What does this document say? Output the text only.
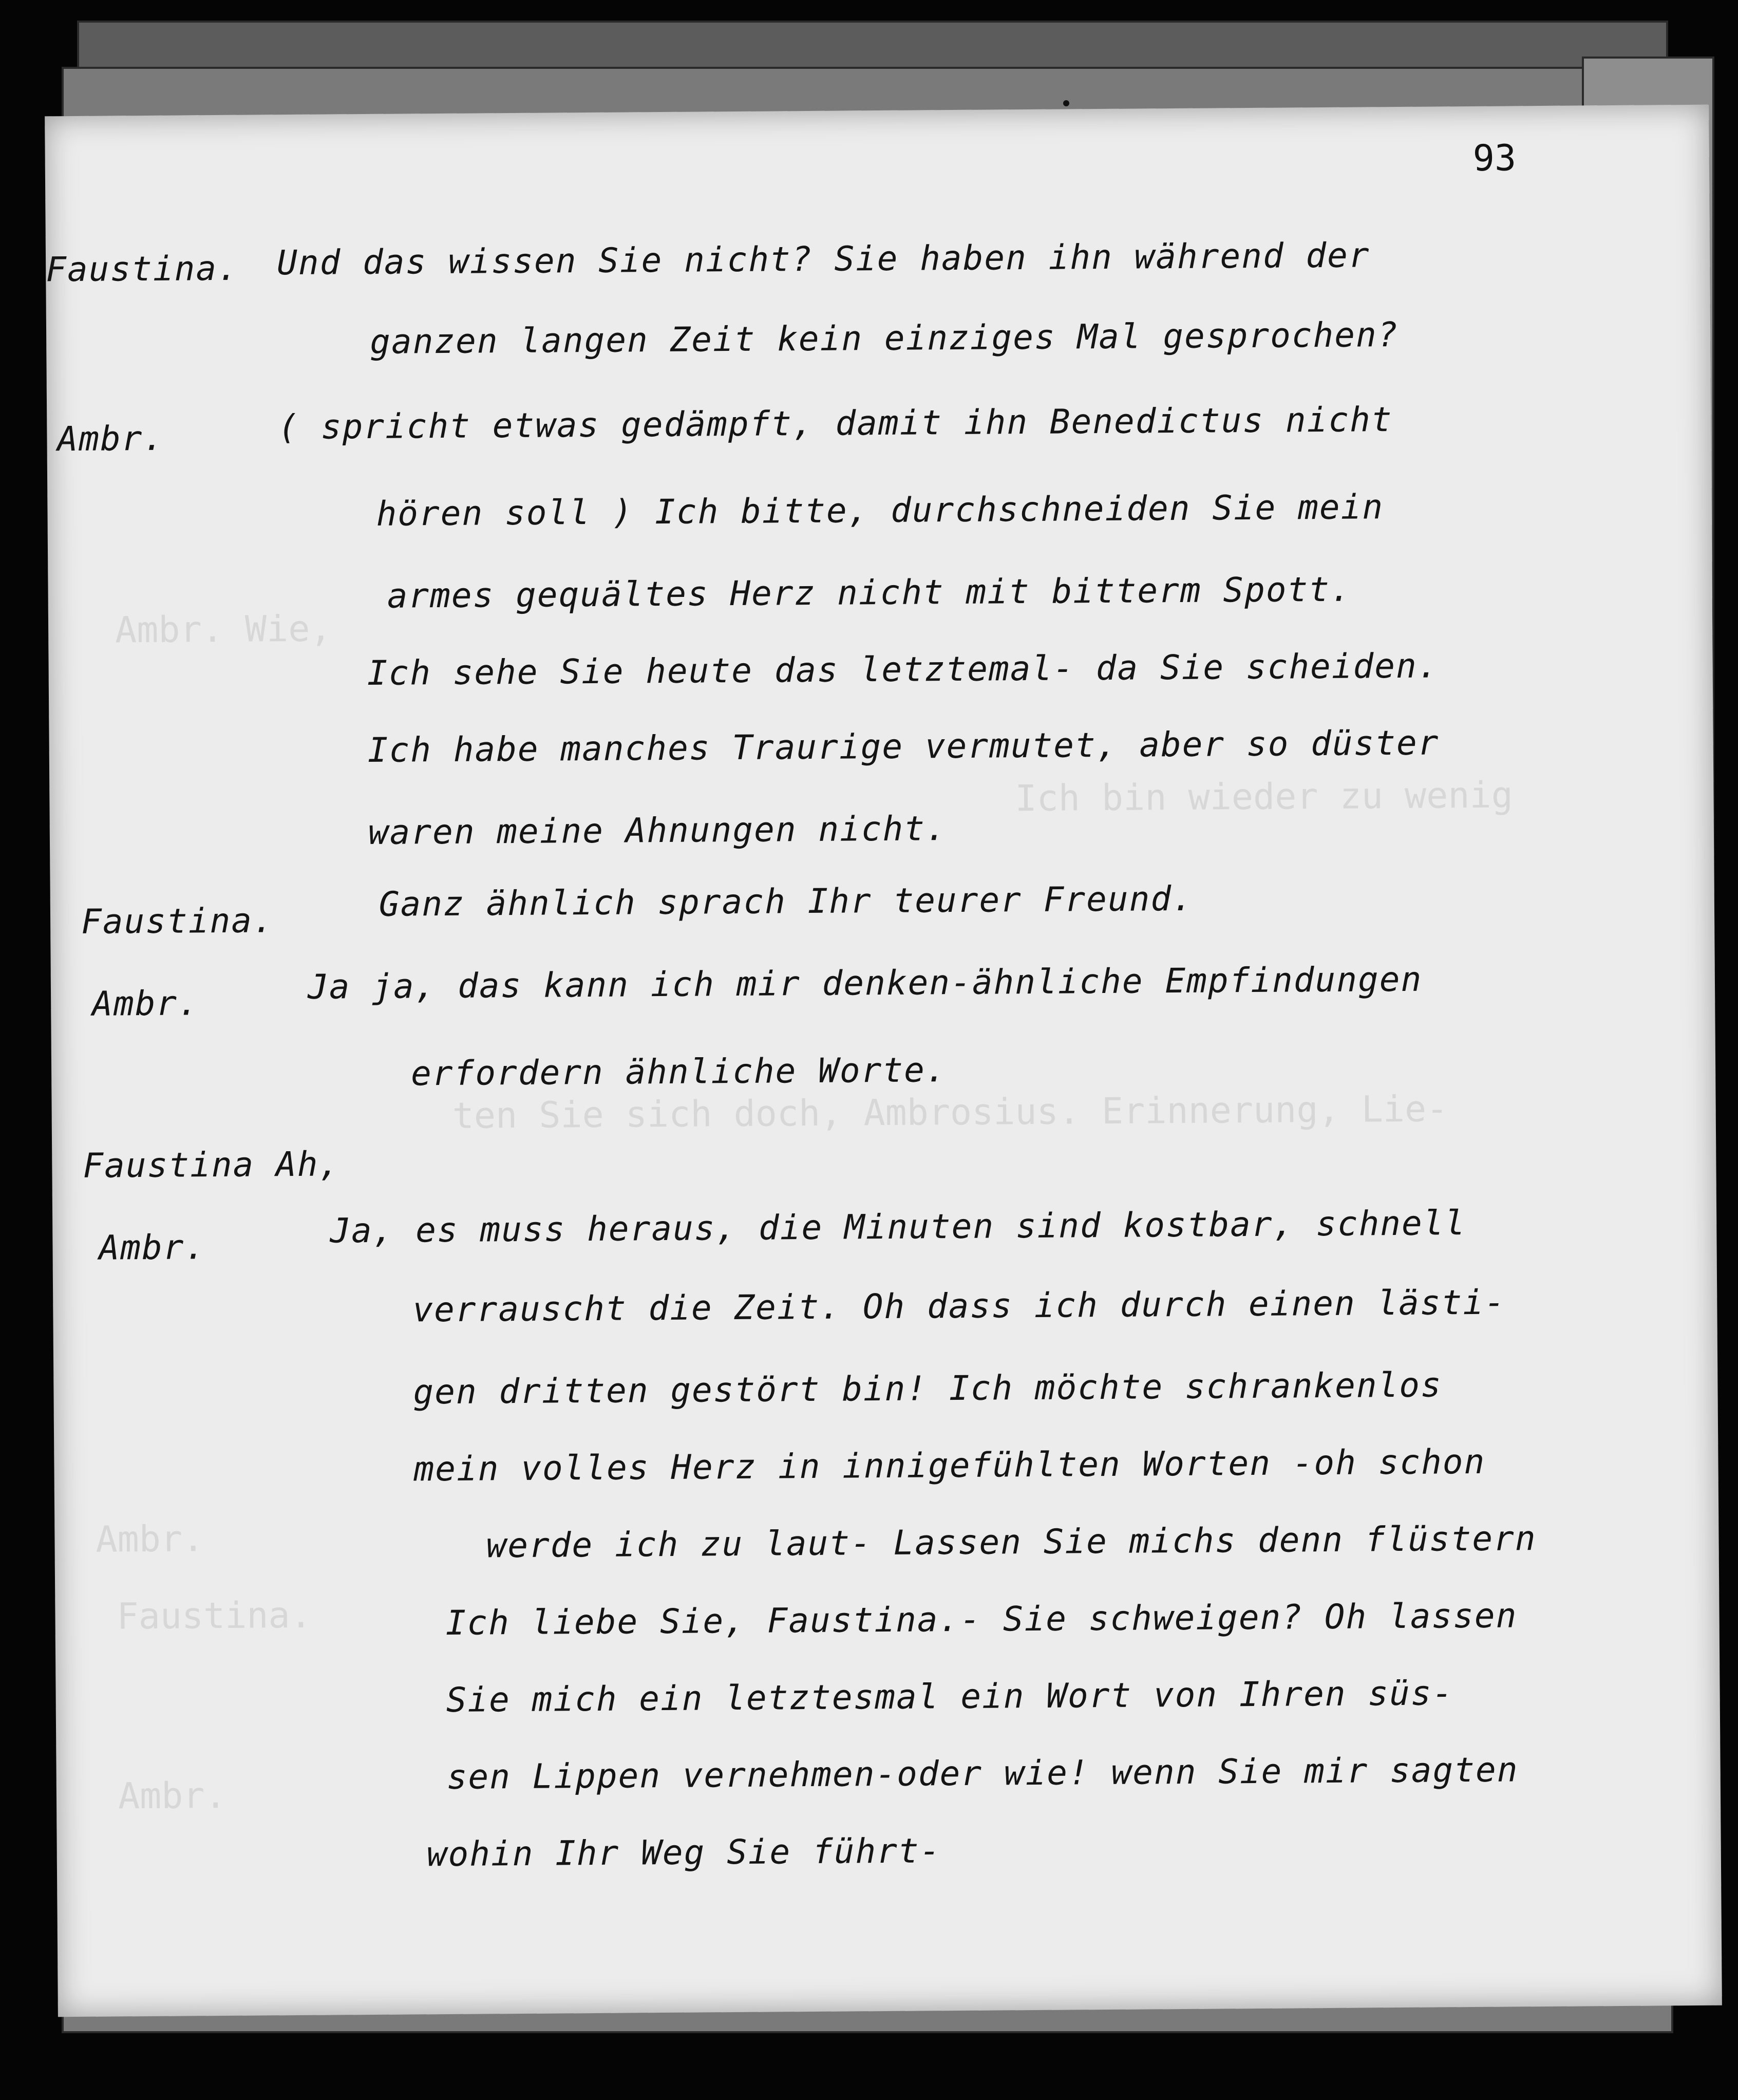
Ambr. Wie,
Ambr.
Faustina.
Ambr.
Ich bin wieder zu wenig
ten Sie sich doch, Ambrosius. Erinnerung, Lie-
93
Faustina. Und das wissen Sie nicht? Sie haben ihn während der
ganzen langen Zeit kein einziges Mal gesprochen?
Ambr.	( spricht etwas gedämpft, damit ihn Benedictus nicht
hören soll ) Ich bitte, durchschneiden Sie mein
armes gequältes Herz nicht mit bitterm Spott.
Ich sehe Sie heute das letztemal- da Sie scheiden.
Ich habe manches Traurige vermutet, aber so düster
waren meine Ahnungen nicht.
Faustina.	Ganz ähnlich sprach Ihr teurer Freund.
Ambr.	Ja ja, das kann ich mir denken-ähnliche Empfindungen
erfordern ähnliche Worte.
Faustina Ah,
Ambr.	Ja, es muss heraus, die Minuten sind kostbar, schnell
verrauscht die Zeit. Oh dass ich durch einen lästi-
gen dritten gestört bin! Ich möchte schrankenlos
mein volles Herz in innigefühlten Worten -oh schon
werde ich zu laut- Lassen Sie michs denn flüstern
Ich liebe Sie, Faustina.- Sie schweigen? Oh lassen
Sie mich ein letztesmal ein Wort von Ihren süs-
sen Lippen vernehmen-oder wie! wenn Sie mir sagten
wohin Ihr Weg Sie führt-
